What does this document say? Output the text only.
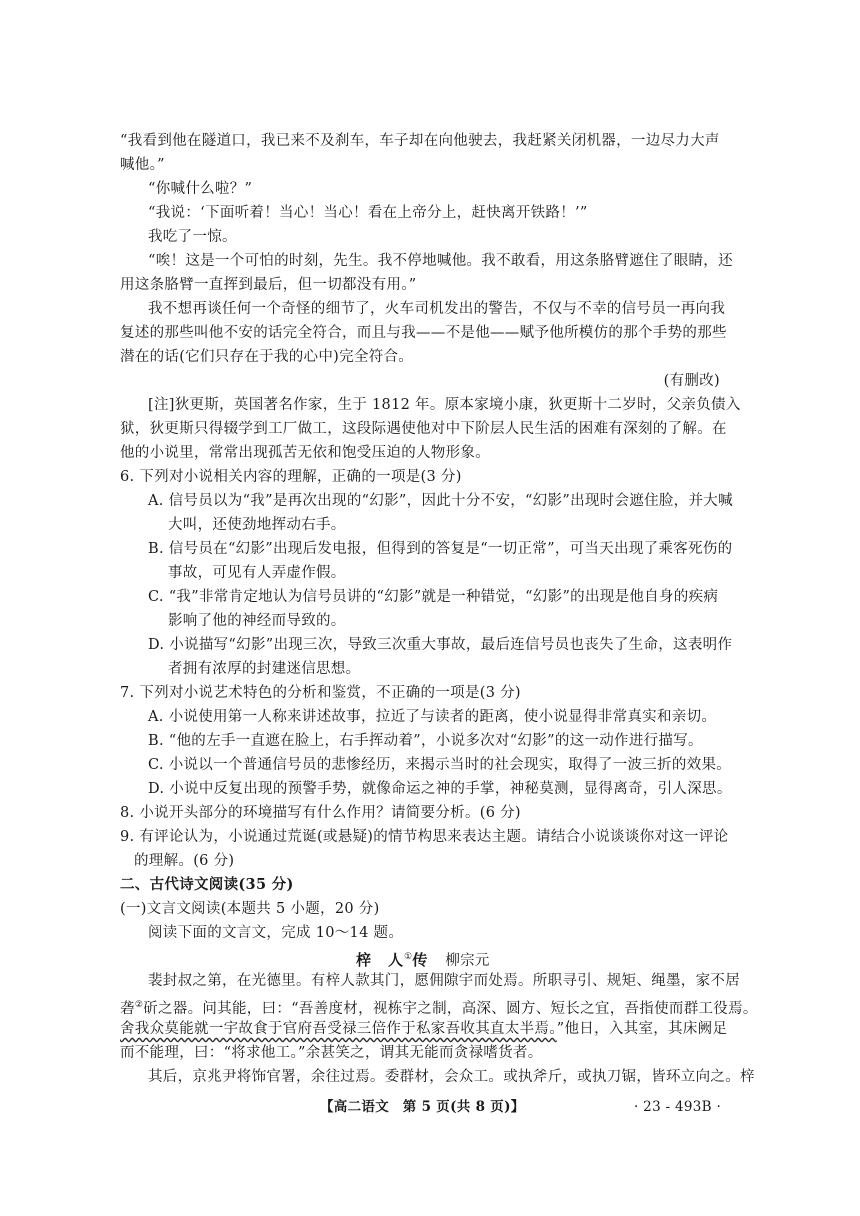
“我看到他在隧道口，我已来不及刹车，车子却在向他驶去，我赶紧关闭机器，一边尽力大声
喊他。”
“你喊什么啦？”
“我说：‘下面听着！当心！当心！看在上帝分上，赶快离开铁路！’”
我吃了一惊。
“唉！这是一个可怕的时刻，先生。我不停地喊他。我不敢看，用这条胳臂遮住了眼睛，还
用这条胳臂一直挥到最后，但一切都没有用。”
我不想再谈任何一个奇怪的细节了，火车司机发出的警告，不仅与不幸的信号员一再向我
复述的那些叫他不安的话完全符合，而且与我——不是他——赋予他所模仿的那个手势的那些
潜在的话(它们只存在于我的心中)完全符合。
(有删改)
[注]狄更斯，英国著名作家，生于 1812 年。原本家境小康，狄更斯十二岁时，父亲负债入
狱，狄更斯只得辍学到工厂做工，这段际遇使他对中下阶层人民生活的困难有深刻的了解。在
他的小说里，常常出现孤苦无依和饱受压迫的人物形象。
6. 下列对小说相关内容的理解，正确的一项是(3 分)
A. 信号员以为“我”是再次出现的“幻影”，因此十分不安，“幻影”出现时会遮住脸，并大喊
大叫，还使劲地挥动右手。
B. 信号员在“幻影”出现后发电报，但得到的答复是“一切正常”，可当天出现了乘客死伤的
事故，可见有人弄虚作假。
C. “我”非常肯定地认为信号员讲的“幻影”就是一种错觉，“幻影”的出现是他自身的疾病
影响了他的神经而导致的。
D. 小说描写“幻影”出现三次，导致三次重大事故，最后连信号员也丧失了生命，这表明作
者拥有浓厚的封建迷信思想。
7. 下列对小说艺术特色的分析和鉴赏，不正确的一项是(3 分)
A. 小说使用第一人称来讲述故事，拉近了与读者的距离，使小说显得非常真实和亲切。
B. “他的左手一直遮在脸上，右手挥动着”，小说多次对“幻影”的这一动作进行描写。
C. 小说以一个普通信号员的悲惨经历，来揭示当时的社会现实，取得了一波三折的效果。
D. 小说中反复出现的预警手势，就像命运之神的手掌，神秘莫测，显得离奇，引人深思。
8. 小说开头部分的环境描写有什么作用？请简要分析。(6 分)
9. 有评论认为，小说通过荒诞(或悬疑)的情节构思来表达主题。请结合小说谈谈你对这一评论
的理解。(6 分)
二、古代诗文阅读(35 分)
(一)文言文阅读(本题共 5 小题，20 分)
阅读下面的文言文，完成 10～14 题。
梓　人①传 柳宗元
裴封叔之第，在光德里。有梓人款其门，愿佣隙宇而处焉。所职寻引、规矩、绳墨，家不居
砻②斫之器。问其能，曰：“吾善度材，视栋宇之制，高深、圆方、短长之宜，吾指使而群工役焉。
舍我众莫能就一宇故食于官府吾受禄三倍作于私家吾收其直太半焉。”他日，入其室，其床阙足
而不能理，曰：“将求他工。”余甚笑之，谓其无能而贪禄嗜货者。
其后，京兆尹将饰官署，余往过焉。委群材，会众工。或执斧斤，或执刀锯，皆环立向之。梓
【高二语文　第 5 页(共 8 页)】	· 23 - 493B ·
